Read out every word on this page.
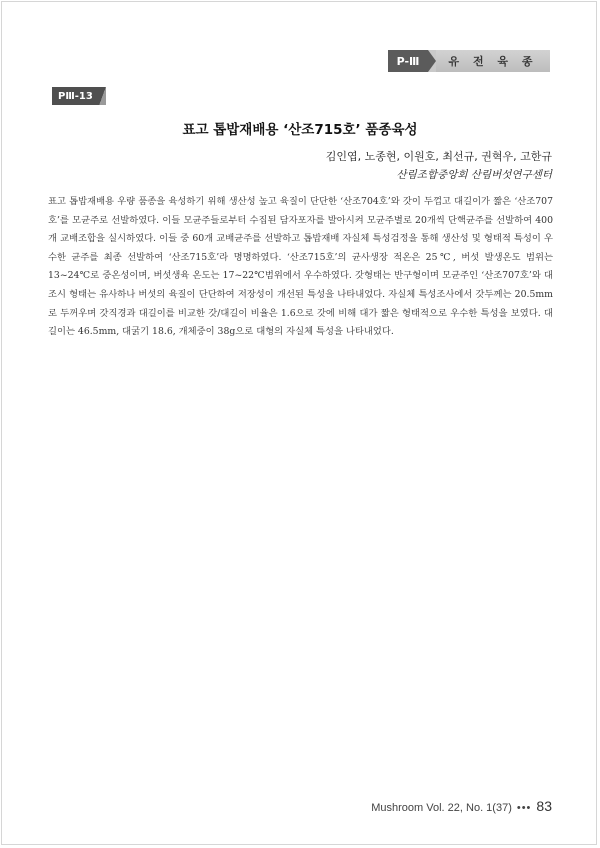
P-Ⅲ	유 전 육 종
PⅢ-13
표고 톱밥재배용 ‘산조715호’ 품종육성
김인엽, 노종현, 이원호, 최선규, 권혁우, 고한규
산림조합중앙회 산림버섯연구센터

표고 톱밥재배용 우량 품종을 육성하기 위해 생산성 높고 육질이 단단한 ‘산조704호’와 갓이 두껍고 대길이가 짧은 ‘산조707호’를 모균주로 선발하였다. 이들 모균주들로부터 수집된 담자포자를 발아시켜 모균주별로 20개씩 단핵균주를 선발하여 400개 교배조합을 실시하였다. 이들 중 60개 교배균주를 선발하고 톱밥재배 자실체 특성검정을 통해 생산성 및 형태적 특성이 우수한 균주를 최종 선발하여 ‘산조715호’라 명명하였다. ‘산조715호’의 균사생장 적온은 25℃, 버섯 발생온도 범위는 13~24℃로 중온성이며, 버섯생육 온도는 17~22℃범위에서 우수하였다. 갓형태는 반구형이며 모균주인 ‘산조707호’와 대조시 형태는 유사하나 버섯의 육질이 단단하여 저장성이 개선된 특성을 나타내었다. 자실체 특성조사에서 갓두께는 20.5mm로 두꺼우며 갓직경과 대길이를 비교한 갓/대길이 비율은 1.6으로 갓에 비해 대가 짧은 형태적으로 우수한 특성을 보였다. 대길이는 46.5mm, 대굵기 18.6, 개체중이 38g으로 대형의 자실체 특성을 나타내었다.

Mushroom Vol. 22, No. 1(37) ••• 83
